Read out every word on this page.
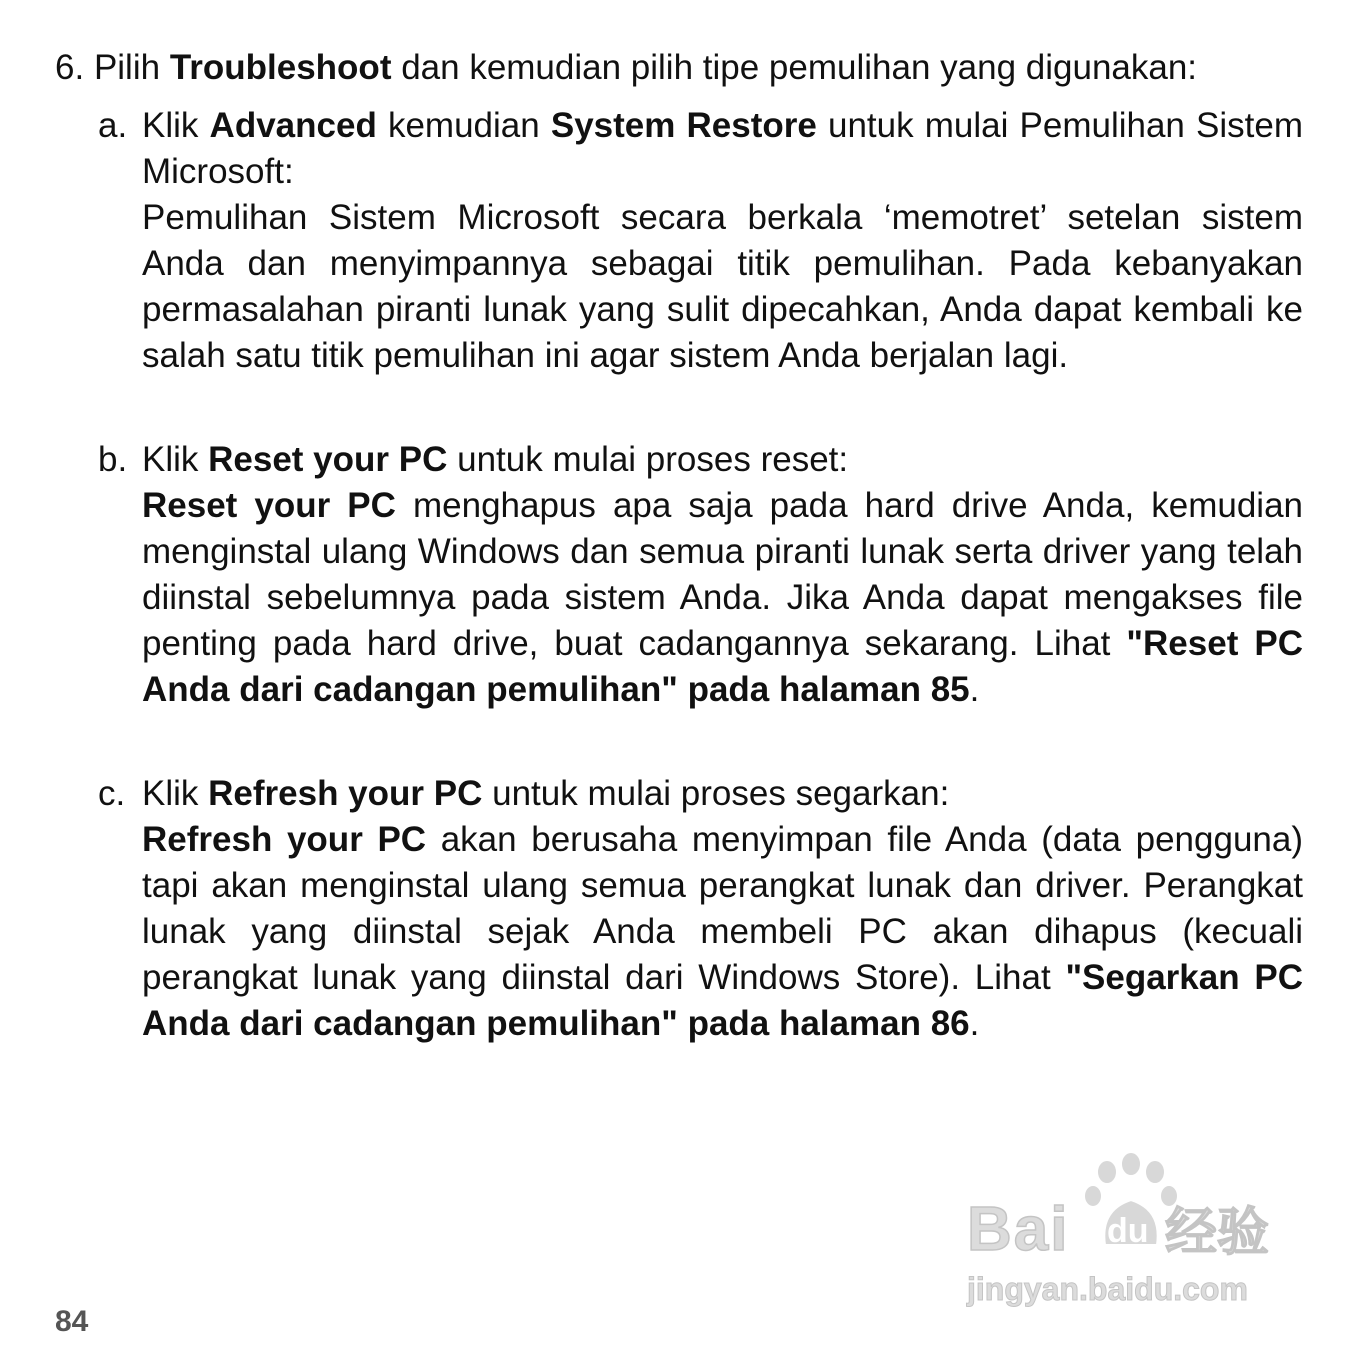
6. Pilih Troubleshoot dan kemudian pilih tipe pemulihan yang digunakan:
a. Klik Advanced kemudian System Restore untuk mulai Pemulihan Sistem Microsoft:

Pemulihan Sistem Microsoft secara berkala ‘memotret’ setelan sistem Anda dan menyimpannya sebagai titik pemulihan. Pada kebanyakan permasalahan piranti lunak yang sulit dipecahkan, Anda dapat kembali ke salah satu titik pemulihan ini agar sistem Anda berjalan lagi.

b. Klik Reset your PC untuk mulai proses reset:

Reset your PC menghapus apa saja pada hard drive Anda, kemudian menginstal ulang Windows dan semua piranti lunak serta driver yang telah diinstal sebelumnya pada sistem Anda. Jika Anda dapat mengakses file penting pada hard drive, buat cadangannya sekarang. Lihat "Reset PC Anda dari cadangan pemulihan" pada halaman 85.

c. Klik Refresh your PC untuk mulai proses segarkan:

Refresh your PC akan berusaha menyimpan file Anda (data pengguna) tapi akan menginstal ulang semua perangkat lunak dan driver. Perangkat lunak yang diinstal sejak Anda membeli PC akan dihapus (kecuali perangkat lunak yang diinstal dari Windows Store). Lihat "Segarkan PC Anda dari cadangan pemulihan" pada halaman 86.

84
Bai du 经验
jingyan.baidu.com
